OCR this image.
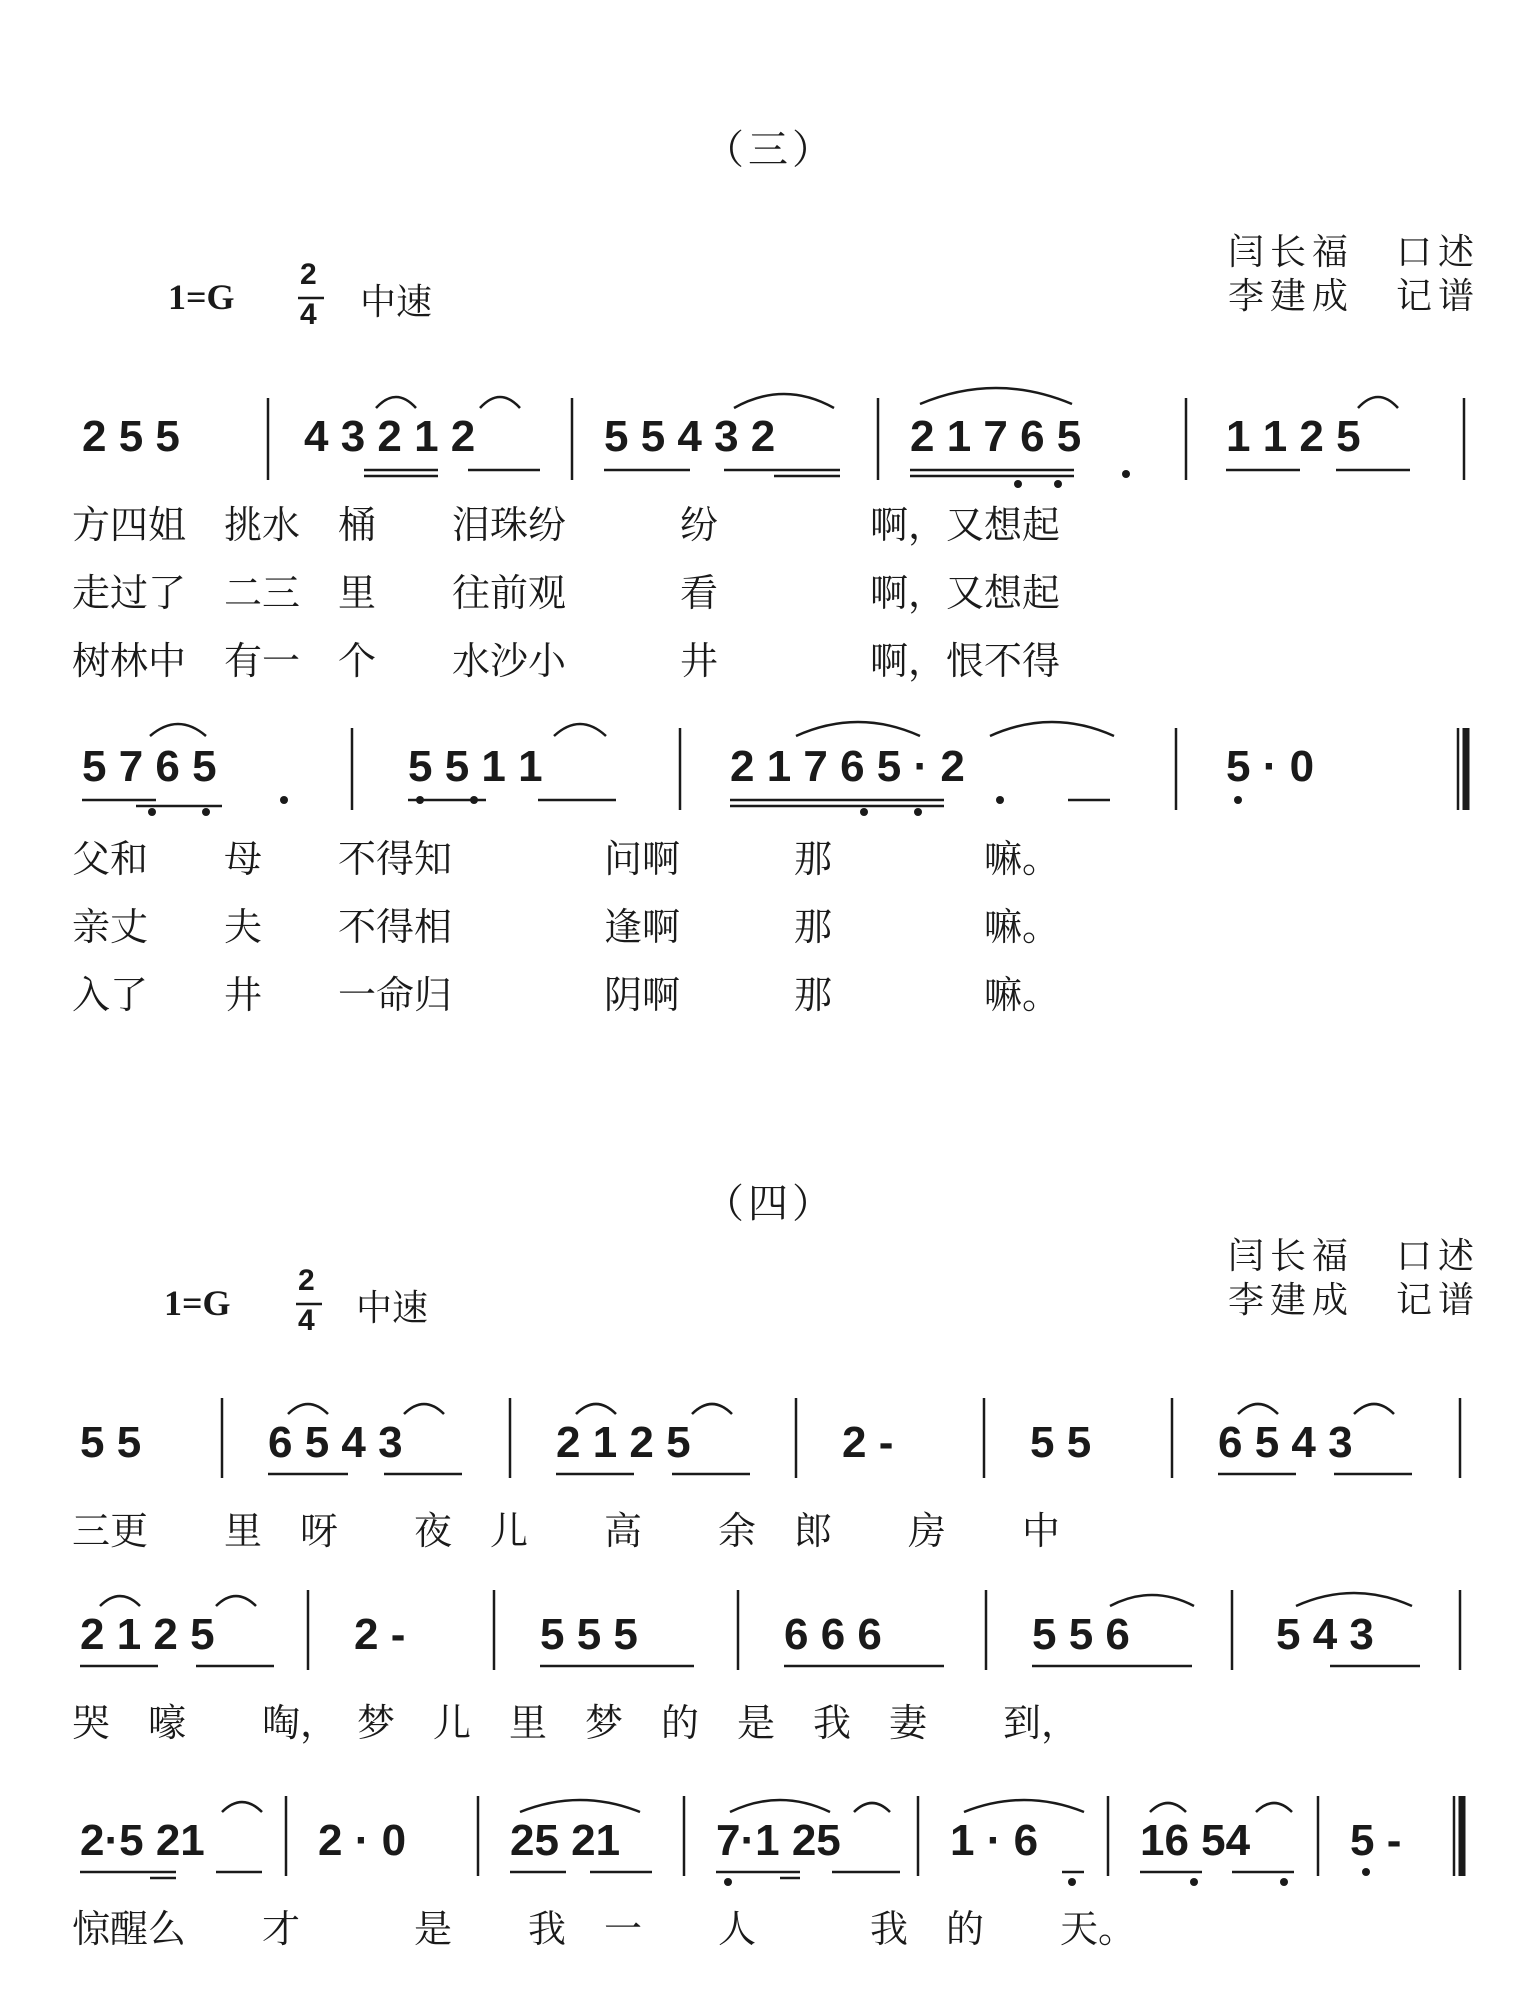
（三）
1=G
2
4 中速
闫长福　口述
李建成　记谱
2 5 5	4 3 2 1 2	5 5 4 3 2	2 1 7 6 5	1 1 2 5
方四姐　挑水　桶　　泪珠纷　　　纷　　　　啊，又想起
走过了　二三　里　　往前观　　　看　　　　啊，又想起
树林中　有一　个　　水沙小　　　井　　　　啊，恨不得
5 7 6 5	5 5 1 1	2 1 7 6 5 · 2	5 · 0
父和　　母　　不得知　　　　问啊　　　那　　　　嘛。
亲丈　　夫　　不得相　　　　逢啊　　　那　　　　嘛。
入了　　井　　一命归　　　　阴啊　　　那　　　　嘛。
（四）
1=G
2
4 中速
闫长福　口述
李建成　记谱
5 5	6 5 4 3	2 1 2 5	2 -	5 5	6 5 4 3
三更　　里　呀　　夜　儿　　高　　余　郎　　房　　中
2 1 2 5	2 -	5 5 5	6 6 6	5 5 6	5 4 3
哭　嚎　　啕，　梦　儿　里　梦　的　是　我　妻　　到，
2·5 21	2 · 0 25 21 7·1 25 1 · 6 16 54 5 -
惊醒么　　才　　　是　　我　一　　人　　　我　的　　天。
